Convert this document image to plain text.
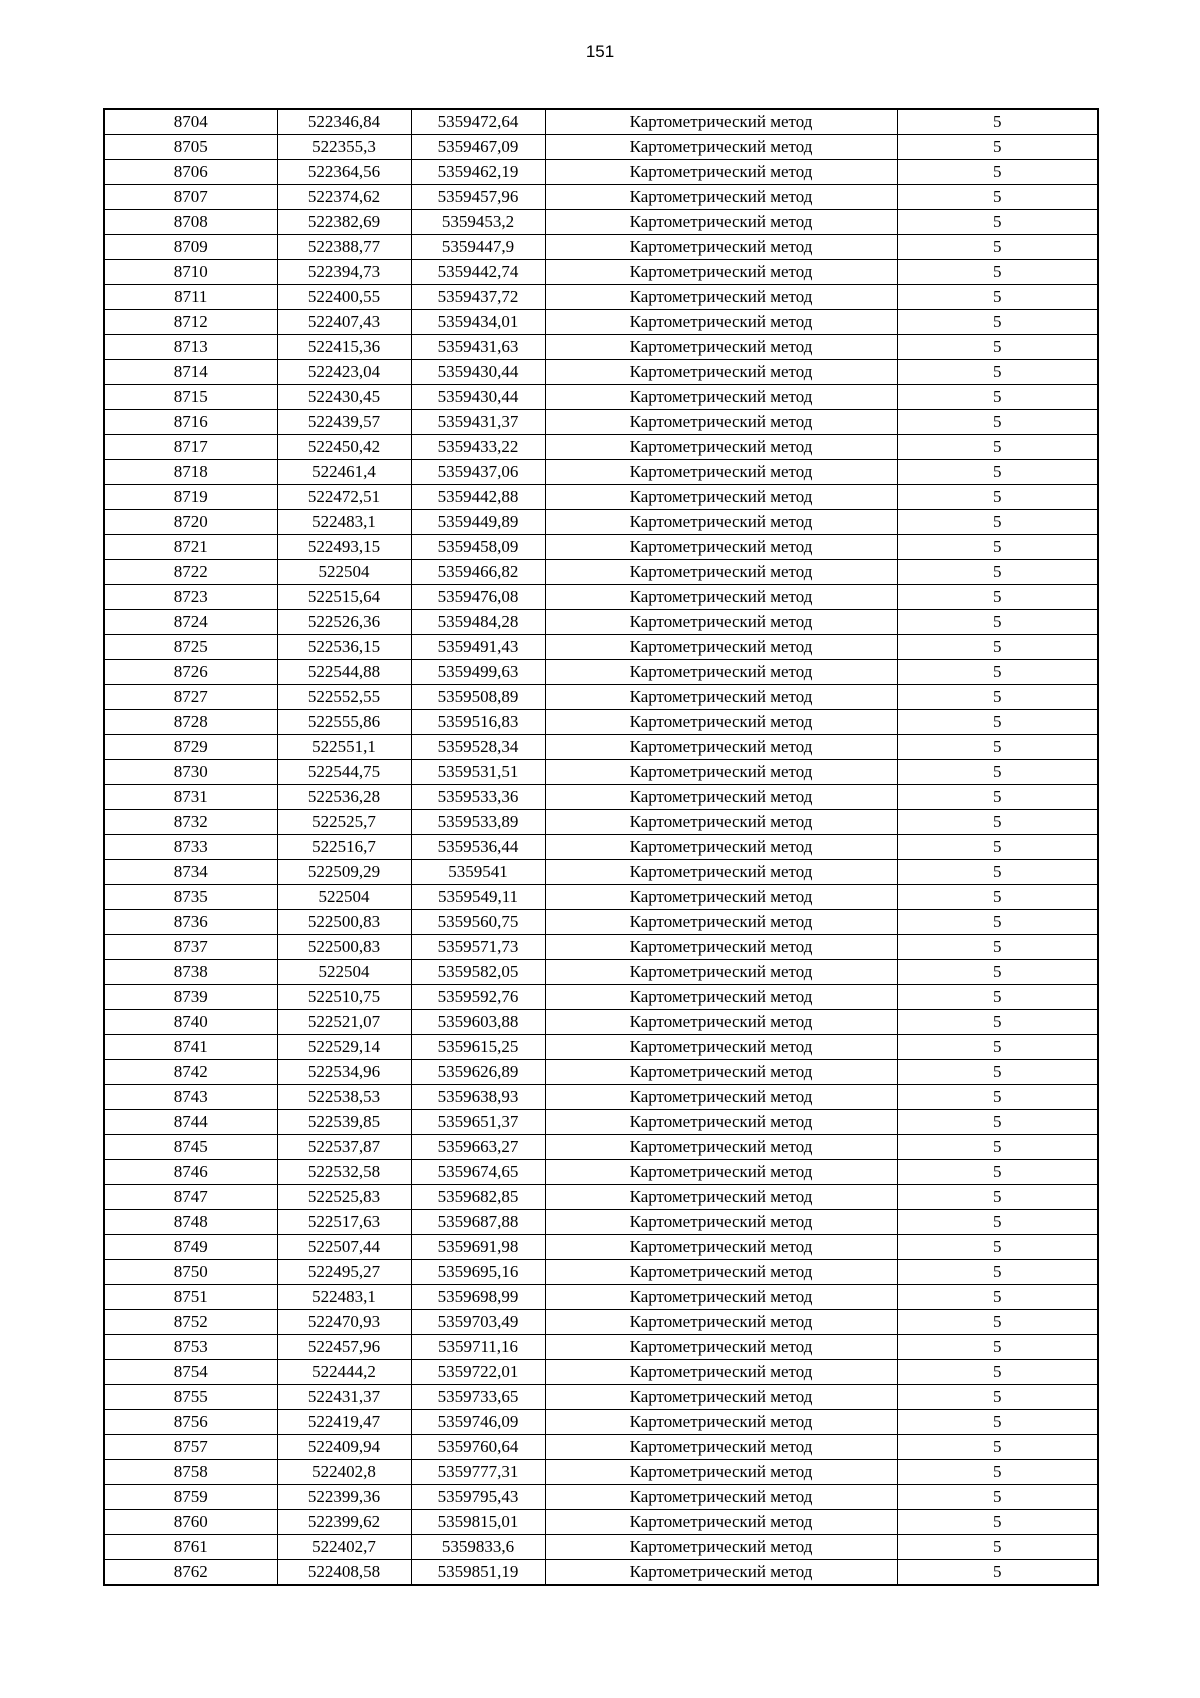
151
8704	522346,84	5359472,64	Картометрический метод	5
8705	522355,3	5359467,09	Картометрический метод	5
8706	522364,56	5359462,19	Картометрический метод	5
8707	522374,62	5359457,96	Картометрический метод	5
8708	522382,69	5359453,2	Картометрический метод	5
8709	522388,77	5359447,9	Картометрический метод	5
8710	522394,73	5359442,74	Картометрический метод	5
8711	522400,55	5359437,72	Картометрический метод	5
8712	522407,43	5359434,01	Картометрический метод	5
8713	522415,36	5359431,63	Картометрический метод	5
8714	522423,04	5359430,44	Картометрический метод	5
8715	522430,45	5359430,44	Картометрический метод	5
8716	522439,57	5359431,37	Картометрический метод	5
8717	522450,42	5359433,22	Картометрический метод	5
8718	522461,4	5359437,06	Картометрический метод	5
8719	522472,51	5359442,88	Картометрический метод	5
8720	522483,1	5359449,89	Картометрический метод	5
8721	522493,15	5359458,09	Картометрический метод	5
8722	522504	5359466,82	Картометрический метод	5
8723	522515,64	5359476,08	Картометрический метод	5
8724	522526,36	5359484,28	Картометрический метод	5
8725	522536,15	5359491,43	Картометрический метод	5
8726	522544,88	5359499,63	Картометрический метод	5
8727	522552,55	5359508,89	Картометрический метод	5
8728	522555,86	5359516,83	Картометрический метод	5
8729	522551,1	5359528,34	Картометрический метод	5
8730	522544,75	5359531,51	Картометрический метод	5
8731	522536,28	5359533,36	Картометрический метод	5
8732	522525,7	5359533,89	Картометрический метод	5
8733	522516,7	5359536,44	Картометрический метод	5
8734	522509,29	5359541	Картометрический метод	5
8735	522504	5359549,11	Картометрический метод	5
8736	522500,83	5359560,75	Картометрический метод	5
8737	522500,83	5359571,73	Картометрический метод	5
8738	522504	5359582,05	Картометрический метод	5
8739	522510,75	5359592,76	Картометрический метод	5
8740	522521,07	5359603,88	Картометрический метод	5
8741	522529,14	5359615,25	Картометрический метод	5
8742	522534,96	5359626,89	Картометрический метод	5
8743	522538,53	5359638,93	Картометрический метод	5
8744	522539,85	5359651,37	Картометрический метод	5
8745	522537,87	5359663,27	Картометрический метод	5
8746	522532,58	5359674,65	Картометрический метод	5
8747	522525,83	5359682,85	Картометрический метод	5
8748	522517,63	5359687,88	Картометрический метод	5
8749	522507,44	5359691,98	Картометрический метод	5
8750	522495,27	5359695,16	Картометрический метод	5
8751	522483,1	5359698,99	Картометрический метод	5
8752	522470,93	5359703,49	Картометрический метод	5
8753	522457,96	5359711,16	Картометрический метод	5
8754	522444,2	5359722,01	Картометрический метод	5
8755	522431,37	5359733,65	Картометрический метод	5
8756	522419,47	5359746,09	Картометрический метод	5
8757	522409,94	5359760,64	Картометрический метод	5
8758	522402,8	5359777,31	Картометрический метод	5
8759	522399,36	5359795,43	Картометрический метод	5
8760	522399,62	5359815,01	Картометрический метод	5
8761	522402,7	5359833,6	Картометрический метод	5
8762	522408,58	5359851,19	Картометрический метод	5
